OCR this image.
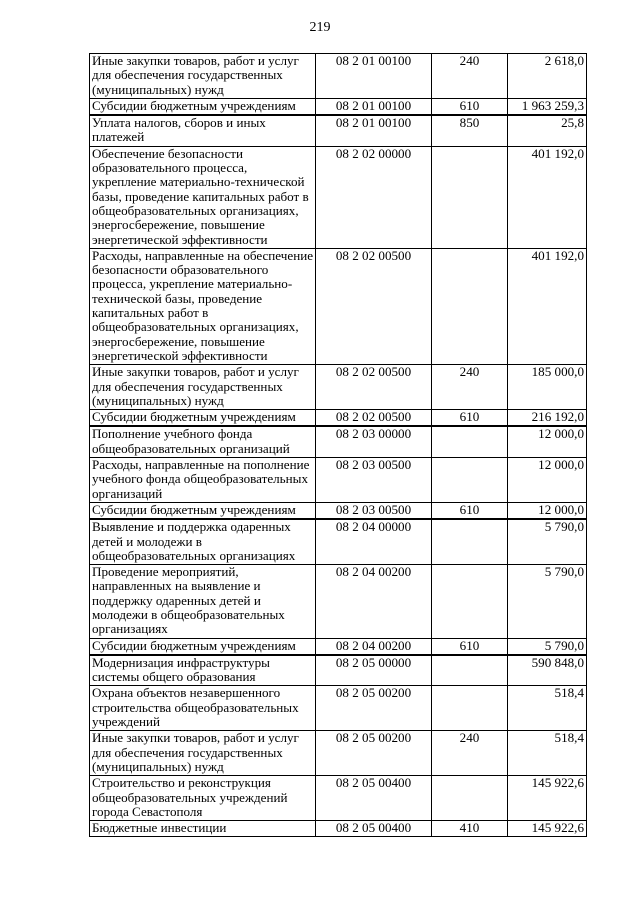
219
Иные закупки товаров, работ и услуг для обеспечения государственных (муниципальных) нужд	08 2 01 00100	240	2 618,0
Субсидии бюджетным учреждениям	08 2 01 00100	610	1 963 259,3
Уплата налогов, сборов и иных платежей	08 2 01 00100	850	25,8
Обеспечение безопасности образовательного процесса, укрепление материально-технической базы, проведение капитальных работ в общеобразовательных организациях, энергосбережение, повышение энергетической эффективности	08 2 02 00000		401 192,0
Расходы, направленные на обеспечение безопасности образовательного процесса, укрепление материально-технической базы, проведение капитальных работ в общеобразовательных организациях, энергосбережение, повышение энергетической эффективности	08 2 02 00500		401 192,0
Иные закупки товаров, работ и услуг для обеспечения государственных (муниципальных) нужд	08 2 02 00500	240	185 000,0
Субсидии бюджетным учреждениям	08 2 02 00500	610	216 192,0
Пополнение учебного фонда общеобразовательных организаций	08 2 03 00000		12 000,0
Расходы, направленные на пополнение учебного фонда общеобразовательных организаций	08 2 03 00500		12 000,0
Субсидии бюджетным учреждениям	08 2 03 00500	610	12 000,0
Выявление и поддержка одаренных детей и молодежи в общеобразовательных организациях	08 2 04 00000		5 790,0
Проведение мероприятий, направленных на выявление и поддержку одаренных детей и молодежи в общеобразовательных организациях	08 2 04 00200		5 790,0
Субсидии бюджетным учреждениям	08 2 04 00200	610	5 790,0
Модернизация инфраструктуры системы общего образования	08 2 05 00000		590 848,0
Охрана объектов незавершенного строительства общеобразовательных учреждений	08 2 05 00200		518,4
Иные закупки товаров, работ и услуг для обеспечения государственных (муниципальных) нужд	08 2 05 00200	240	518,4
Строительство и реконструкция общеобразовательных учреждений города Севастополя	08 2 05 00400		145 922,6
Бюджетные инвестиции	08 2 05 00400	410	145 922,6
